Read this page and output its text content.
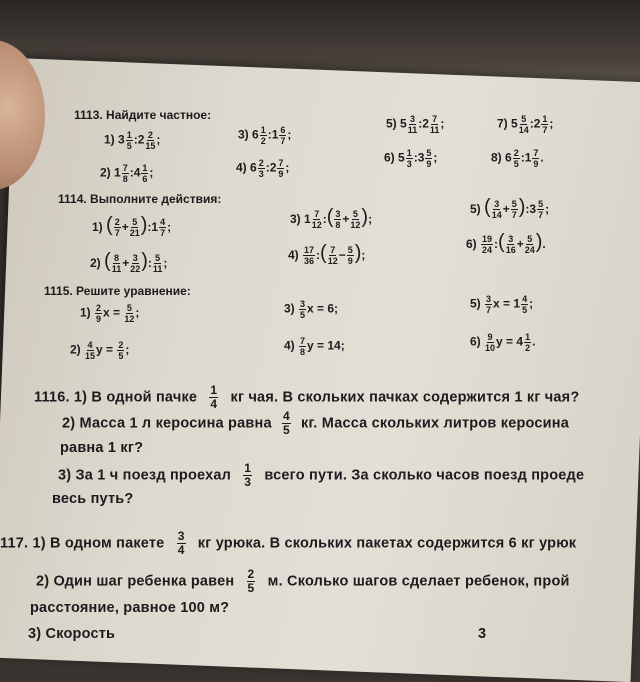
1113. Найдите частное:
1) $3 \frac{1}{5}$ :2 $\frac{2}{15}$ ;
2) $1 \frac{7}{8}$ :4 $\frac{1}{6}$ ;
3) $6 \frac{1}{2}$ :1 $\frac{6}{7}$ ;
4) $6 \frac{2}{3}$ :2 $\frac{7}{9}$ ;
5) $5 \frac{3}{11}$ :2 $\frac{7}{11}$ ;
6) $5 \frac{1}{3}$ :3 $\frac{5}{9}$ ;
7) $5 \frac{5}{14}$ :2 $\frac{1}{7}$ ;
8) $6 \frac{2}{5}$ :1 $\frac{7}{9}$ .
1114. Выполните действия:
1) ( $\frac{2}{7} + \frac{5}{21}$ ):1 $\frac{4}{7}$ ;
2) ( $\frac{8}{11} + \frac{3}{22}$ ): $\frac{5}{11}$ ;
3) $1 \frac{7}{12}$ :( $\frac{3}{8} + \frac{5}{12}$ );
$4) \frac{17}{36}$ :( $\frac{7}{12} - \frac{5}{9}$ );
5) ( $\frac{3}{14} + \frac{5}{7}$ ):3 $\frac{5}{7}$ ;
$6) \frac{19}{24}$ :( $\frac{3}{16} + \frac{5}{24}$ ).
1115. Решите уравнение:
$1) \frac{2}{9}$ $x = \frac{5}{12}$ ;
$2) \frac{4}{15}$ $y = \frac{2}{5}$ ;
$3) \frac{3}{5}$ x = 6;
$4) \frac{7}{8}$ y = 14;
$5) \frac{3}{7}$ $x = 1 \frac{4}{5}$ ;
$6) \frac{9}{10}$ $y = 4 \frac{1}{2}$ .
1116. 1) В одной пачке $\frac{1}{4}$ кг чая. В скольких пачках содержится 1 кг чая?
2) Масса 1 л керосина равна $\frac{4}{5}$ кг. Масса скольких литров керосина
равна 1 кг?
3) За 1 ч поезд проехал $\frac{1}{3}$ всего пути. За сколько часов поезд проеде
весь путь?
117. 1) В одном пакете $\frac{3}{4}$ кг урюка. В скольких пакетах содержится 6 кг урюк
2) Один шаг ребенка равен $\frac{2}{5} м$. Сколько шагов сделает ребенок, прой
расстояние, равное 100 м?
3) Скорость	3
